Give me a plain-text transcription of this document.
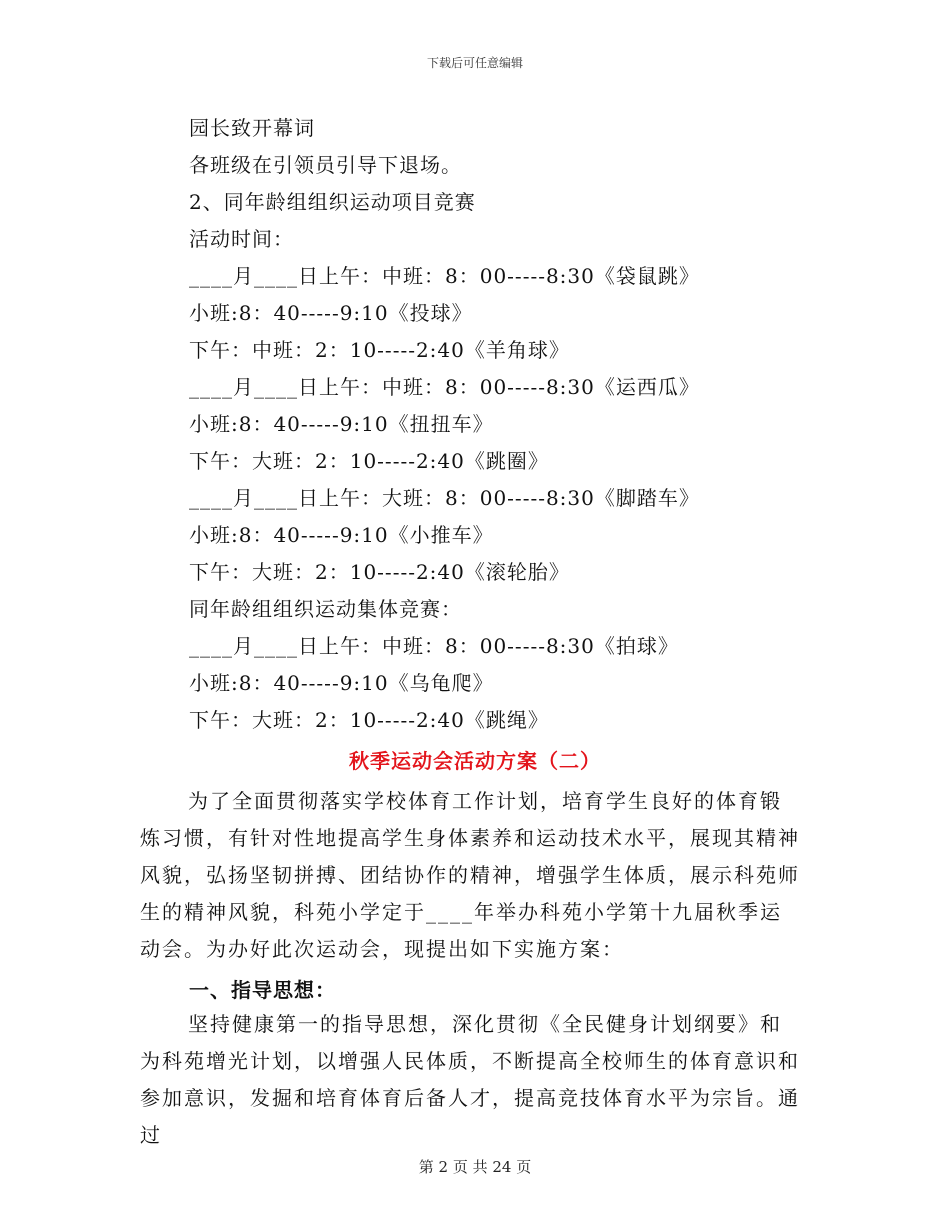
下载后可任意编辑
园长致开幕词
各班级在引领员引导下退场。
2、同年龄组组织运动项目竞赛
活动时间：
____月____日上午：中班：8：00-----8:30《袋鼠跳》
小班:8：40-----9:10《投球》
下午：中班：2：10-----2:40《羊角球》
____月____日上午：中班：8：00-----8:30《运西瓜》
小班:8：40-----9:10《扭扭车》
下午：大班：2：10-----2:40《跳圈》
____月____日上午：大班：8：00-----8:30《脚踏车》
小班:8：40-----9:10《小推车》
下午：大班：2：10-----2:40《滚轮胎》
同年龄组组织运动集体竞赛：
____月____日上午：中班：8：00-----8:30《拍球》
小班:8：40-----9:10《乌龟爬》
下午：大班：2：10-----2:40《跳绳》
秋季运动会活动方案（二）
为了全面贯彻落实学校体育工作计划，培育学生良好的体育锻炼习惯，有针对性地提高学生身体素养和运动技术水平，展现其精神风貌，弘扬坚韧拼搏、团结协作的精神，增强学生体质，展示科苑师生的精神风貌，科苑小学定于____年举办科苑小学第十九届秋季运动会。为办好此次运动会，现提出如下实施方案：
一、指导思想：
坚持健康第一的指导思想，深化贯彻《全民健身计划纲要》和为科苑增光计划，以增强人民体质，不断提高全校师生的体育意识和参加意识，发掘和培育体育后备人才，提高竞技体育水平为宗旨。通过
第 2 页 共 24 页
